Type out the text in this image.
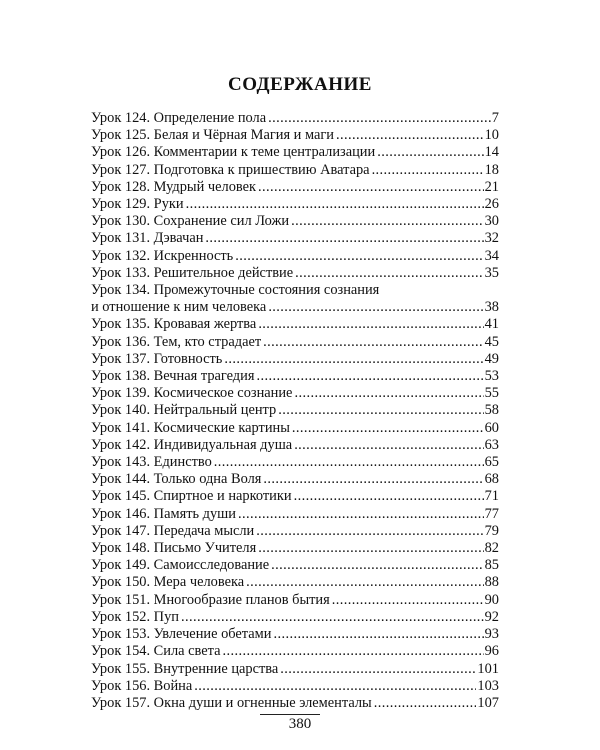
СОДЕРЖАНИЕ
Урок 124. Определение пола .....	7
Урок 125. Белая и Чёрная Магия и маги .....	10
Урок 126. Комментарии к теме централизации .....	14
Урок 127. Подготовка к пришествию Аватара .....	18
Урок 128. Мудрый человек .....	21
Урок 129. Руки .....	26
Урок 130. Сохранение сил Ложи .....	30
Урок 131. Дэвачан .....	32
Урок 132. Искренность .....	34
Урок 133. Решительное действие .....	35
Урок 134. Промежуточные состояния сознания
и отношение к ним человека .....	38
Урок 135. Кровавая жертва .....	41
Урок 136. Тем, кто страдает .....	45
Урок 137. Готовность .....	49
Урок 138. Вечная трагедия .....	53
Урок 139. Космическое сознание .....	55
Урок 140. Нейтральный центр .....	58
Урок 141. Космические картины .....	60
Урок 142. Индивидуальная душа .....	63
Урок 143. Единство .....	65
Урок 144. Только одна Воля .....	68
Урок 145. Спиртное и наркотики .....	71
Урок 146. Память души .....	77
Урок 147. Передача мысли .....	79
Урок 148. Письмо Учителя .....	82
Урок 149. Самоисследование .....	85
Урок 150. Мера человека .....	88
Урок 151. Многообразие планов бытия .....	90
Урок 152. Пуп .....	92
Урок 153. Увлечение обетами .....	93
Урок 154. Сила света .....	96
Урок 155. Внутренние царства .....	101
Урок 156. Война .....	103
Урок 157. Окна души и огненные элементалы .....	107
380
